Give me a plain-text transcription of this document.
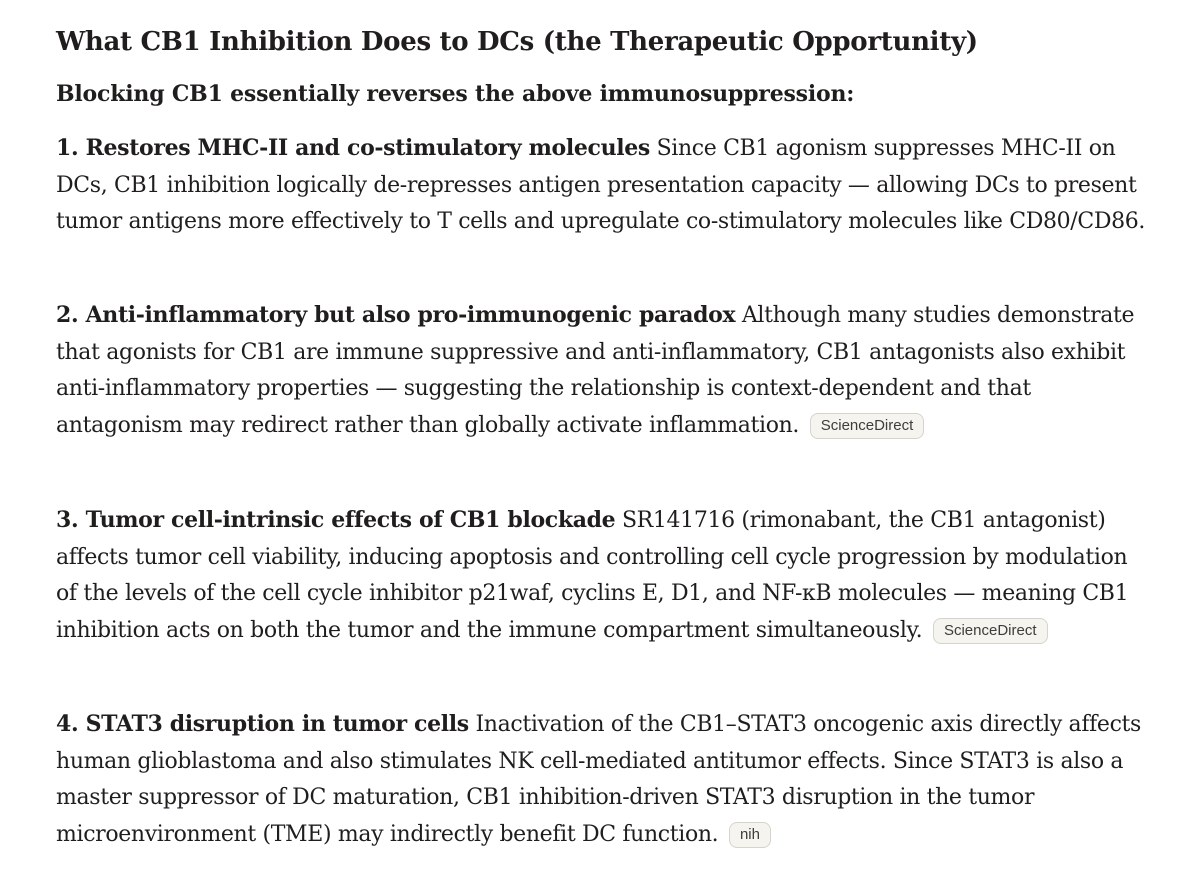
What CB1 Inhibition Does to DCs (the Therapeutic Opportunity)

Blocking CB1 essentially reverses the above immunosuppression:

1. Restores MHC-II and co-stimulatory molecules Since CB1 agonism suppresses MHC-II on DCs, CB1 inhibition logically de-represses antigen presentation capacity — allowing DCs to present tumor antigens more effectively to T cells and upregulate co-stimulatory molecules like CD80/CD86.

2. Anti-inflammatory but also pro-immunogenic paradox Although many studies demonstrate that agonists for CB1 are immune suppressive and anti-inflammatory, CB1 antagonists also exhibit anti-inflammatory properties — suggesting the relationship is context-dependent and that antagonism may redirect rather than globally activate inflammation. ScienceDirect

3. Tumor cell-intrinsic effects of CB1 blockade SR141716 (rimonabant, the CB1 antagonist) affects tumor cell viability, inducing apoptosis and controlling cell cycle progression by modulation of the levels of the cell cycle inhibitor p21waf, cyclins E, D1, and NF-κB molecules — meaning CB1 inhibition acts on both the tumor and the immune compartment simultaneously. ScienceDirect

4. STAT3 disruption in tumor cells Inactivation of the CB1–STAT3 oncogenic axis directly affects human glioblastoma and also stimulates NK cell-mediated antitumor effects. Since STAT3 is also a master suppressor of DC maturation, CB1 inhibition-driven STAT3 disruption in the tumor microenvironment (TME) may indirectly benefit DC function. nih
